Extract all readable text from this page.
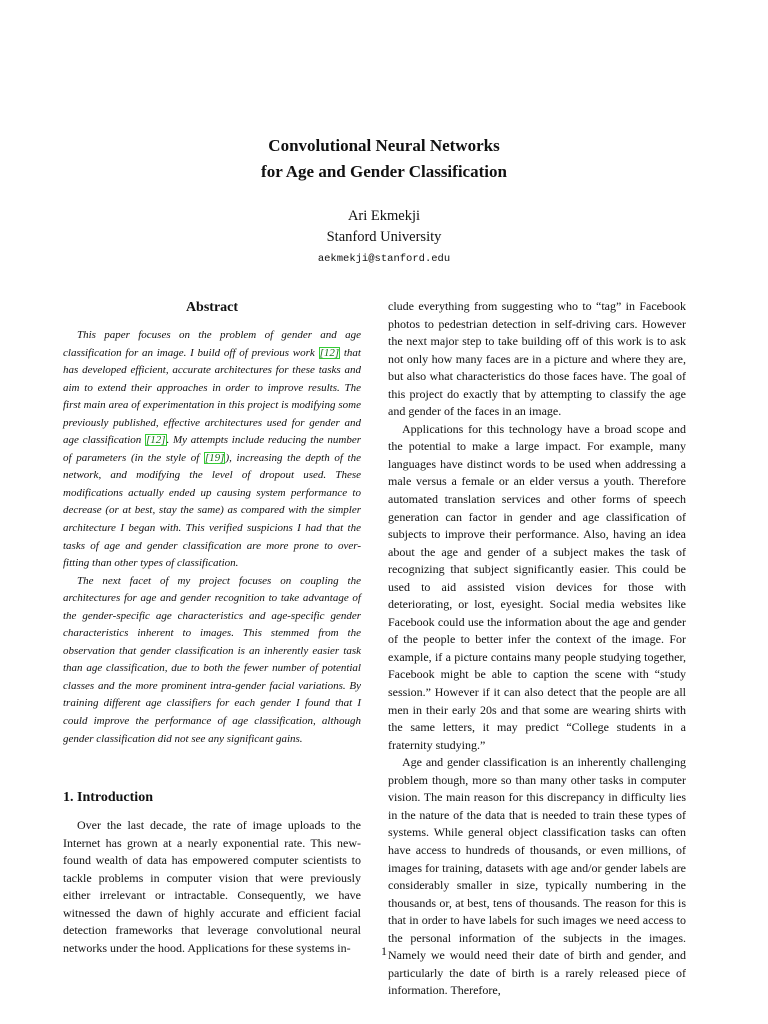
Convolutional Neural Networks
for Age and Gender Classification
Ari Ekmekji
Stanford University
aekmekji@stanford.edu
Abstract

This paper focuses on the problem of gender and age classification for an image. I build off of previous work [12] that has developed efficient, accurate architectures for these tasks and aim to extend their approaches in order to improve results. The first main area of experimentation in this project is modifying some previously published, effective architectures used for gender and age classification [12]. My attempts include reducing the number of parameters (in the style of [19]), increasing the depth of the network, and modifying the level of dropout used. These modifications actually ended up causing system performance to decrease (or at best, stay the same) as compared with the simpler architecture I began with. This verified suspicions I had that the tasks of age and gender classification are more prone to over-fitting than other types of classification.

The next facet of my project focuses on coupling the architectures for age and gender recognition to take advantage of the gender-specific age characteristics and age-specific gender characteristics inherent to images. This stemmed from the observation that gender classification is an inherently easier task than age classification, due to both the fewer number of potential classes and the more prominent intra-gender facial variations. By training different age classifiers for each gender I found that I could improve the performance of age classification, although gender classification did not see any significant gains.

1. Introduction

Over the last decade, the rate of image uploads to the Internet has grown at a nearly exponential rate. This new-found wealth of data has empowered computer scientists to tackle problems in computer vision that were previously either irrelevant or intractable. Consequently, we have witnessed the dawn of highly accurate and efficient facial detection frameworks that leverage convolutional neural networks under the hood. Applications for these systems in-

clude everything from suggesting who to “tag” in Facebook photos to pedestrian detection in self-driving cars. However the next major step to take building off of this work is to ask not only how many faces are in a picture and where they are, but also what characteristics do those faces have. The goal of this project do exactly that by attempting to classify the age and gender of the faces in an image.

Applications for this technology have a broad scope and the potential to make a large impact. For example, many languages have distinct words to be used when addressing a male versus a female or an elder versus a youth. Therefore automated translation services and other forms of speech generation can factor in gender and age classification of subjects to improve their performance. Also, having an idea about the age and gender of a subject makes the task of recognizing that subject significantly easier. This could be used to aid assisted vision devices for those with deteriorating, or lost, eyesight. Social media websites like Facebook could use the information about the age and gender of the people to better infer the context of the image. For example, if a picture contains many people studying together, Facebook might be able to caption the scene with “study session.” However if it can also detect that the people are all men in their early 20s and that some are wearing shirts with the same letters, it may predict “College students in a fraternity studying.”

Age and gender classification is an inherently challenging problem though, more so than many other tasks in computer vision. The main reason for this discrepancy in difficulty lies in the nature of the data that is needed to train these types of systems. While general object classification tasks can often have access to hundreds of thousands, or even millions, of images for training, datasets with age and/or gender labels are considerably smaller in size, typically numbering in the thousands or, at best, tens of thousands. The reason for this is that in order to have labels for such images we need access to the personal information of the subjects in the images. Namely we would need their date of birth and gender, and particularly the date of birth is a rarely released piece of information. Therefore,

1
